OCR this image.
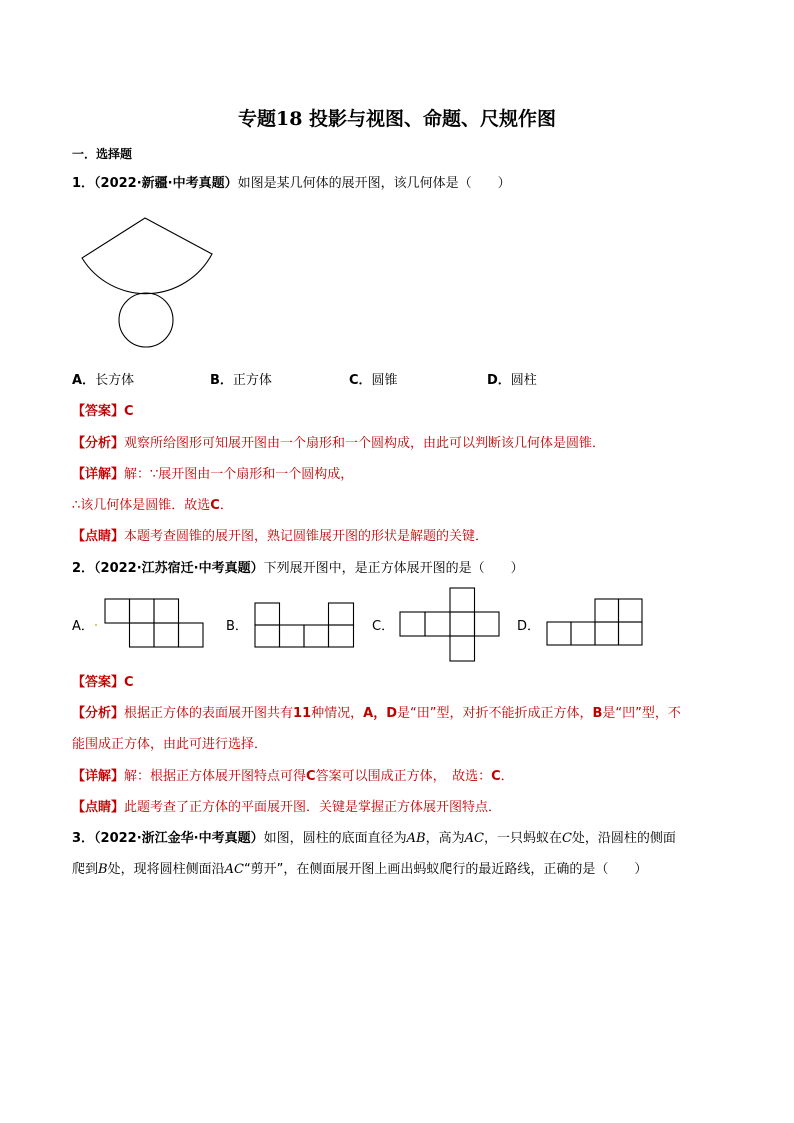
专题18 投影与视图、命题、尺规作图
一．选择题
1．（2022·新疆·中考真题）如图是某几何体的展开图，该几何体是（　　）
A．长方体	B．正方体	C．圆锥	D．圆柱
【答案】C
【分析】观察所给图形可知展开图由一个扇形和一个圆构成，由此可以判断该几何体是圆锥．
【详解】解：∵展开图由一个扇形和一个圆构成，
∴该几何体是圆锥．故选C．
【点睛】本题考查圆锥的展开图，熟记圆锥展开图的形状是解题的关键．
2．（2022·江苏宿迁·中考真题）下列展开图中，是正方体展开图的是（　　）
A．	B．	C．	D．
【答案】C
【分析】根据正方体的表面展开图共有11种情况，A，D是“田”型，对折不能折成正方体，B是“凹”型，不
能围成正方体，由此可进行选择．
【详解】解：根据正方体展开图特点可得C答案可以围成正方体，　故选：C．
【点睛】此题考查了正方体的平面展开图．关键是掌握正方体展开图特点．
3．（2022·浙江金华·中考真题）如图，圆柱的底面直径为AB，高为AC，一只蚂蚁在C处，沿圆柱的侧面
爬到B处，现将圆柱侧面沿AC“剪开”，在侧面展开图上画出蚂蚁爬行的最近路线，正确的是（　　）
